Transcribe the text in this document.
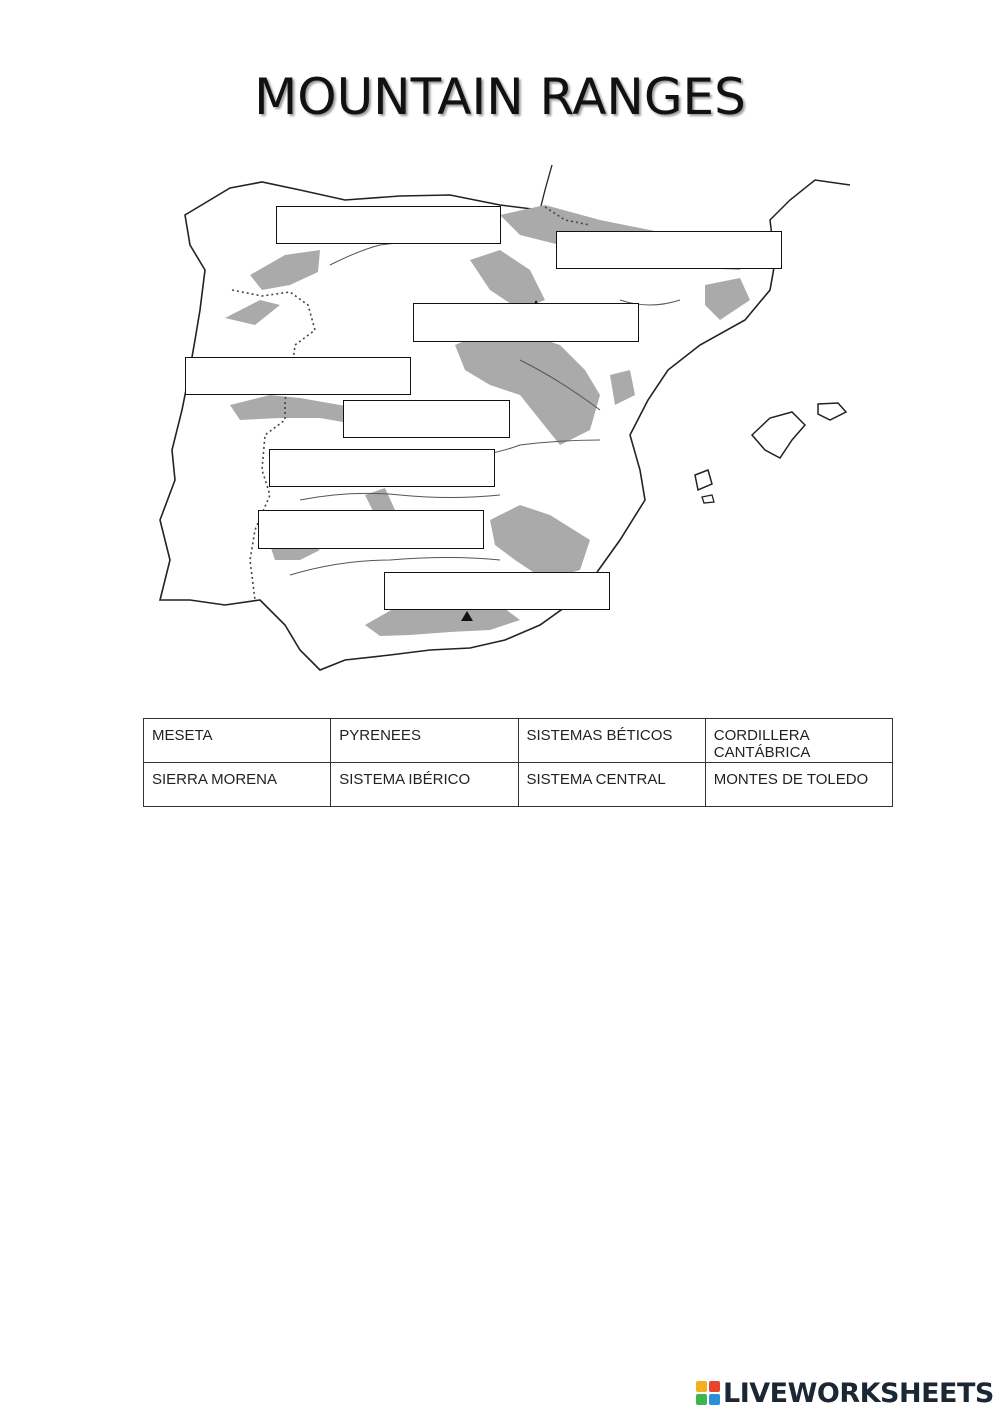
MOUNTAIN RANGES
MESETA	PYRENEES	SISTEMAS BÉTICOS	CORDILLERA CANTÁBRICA
SIERRA MORENA	SISTEMA IBÉRICO	SISTEMA CENTRAL	MONTES DE TOLEDO
LIVEWORKSHEETS
